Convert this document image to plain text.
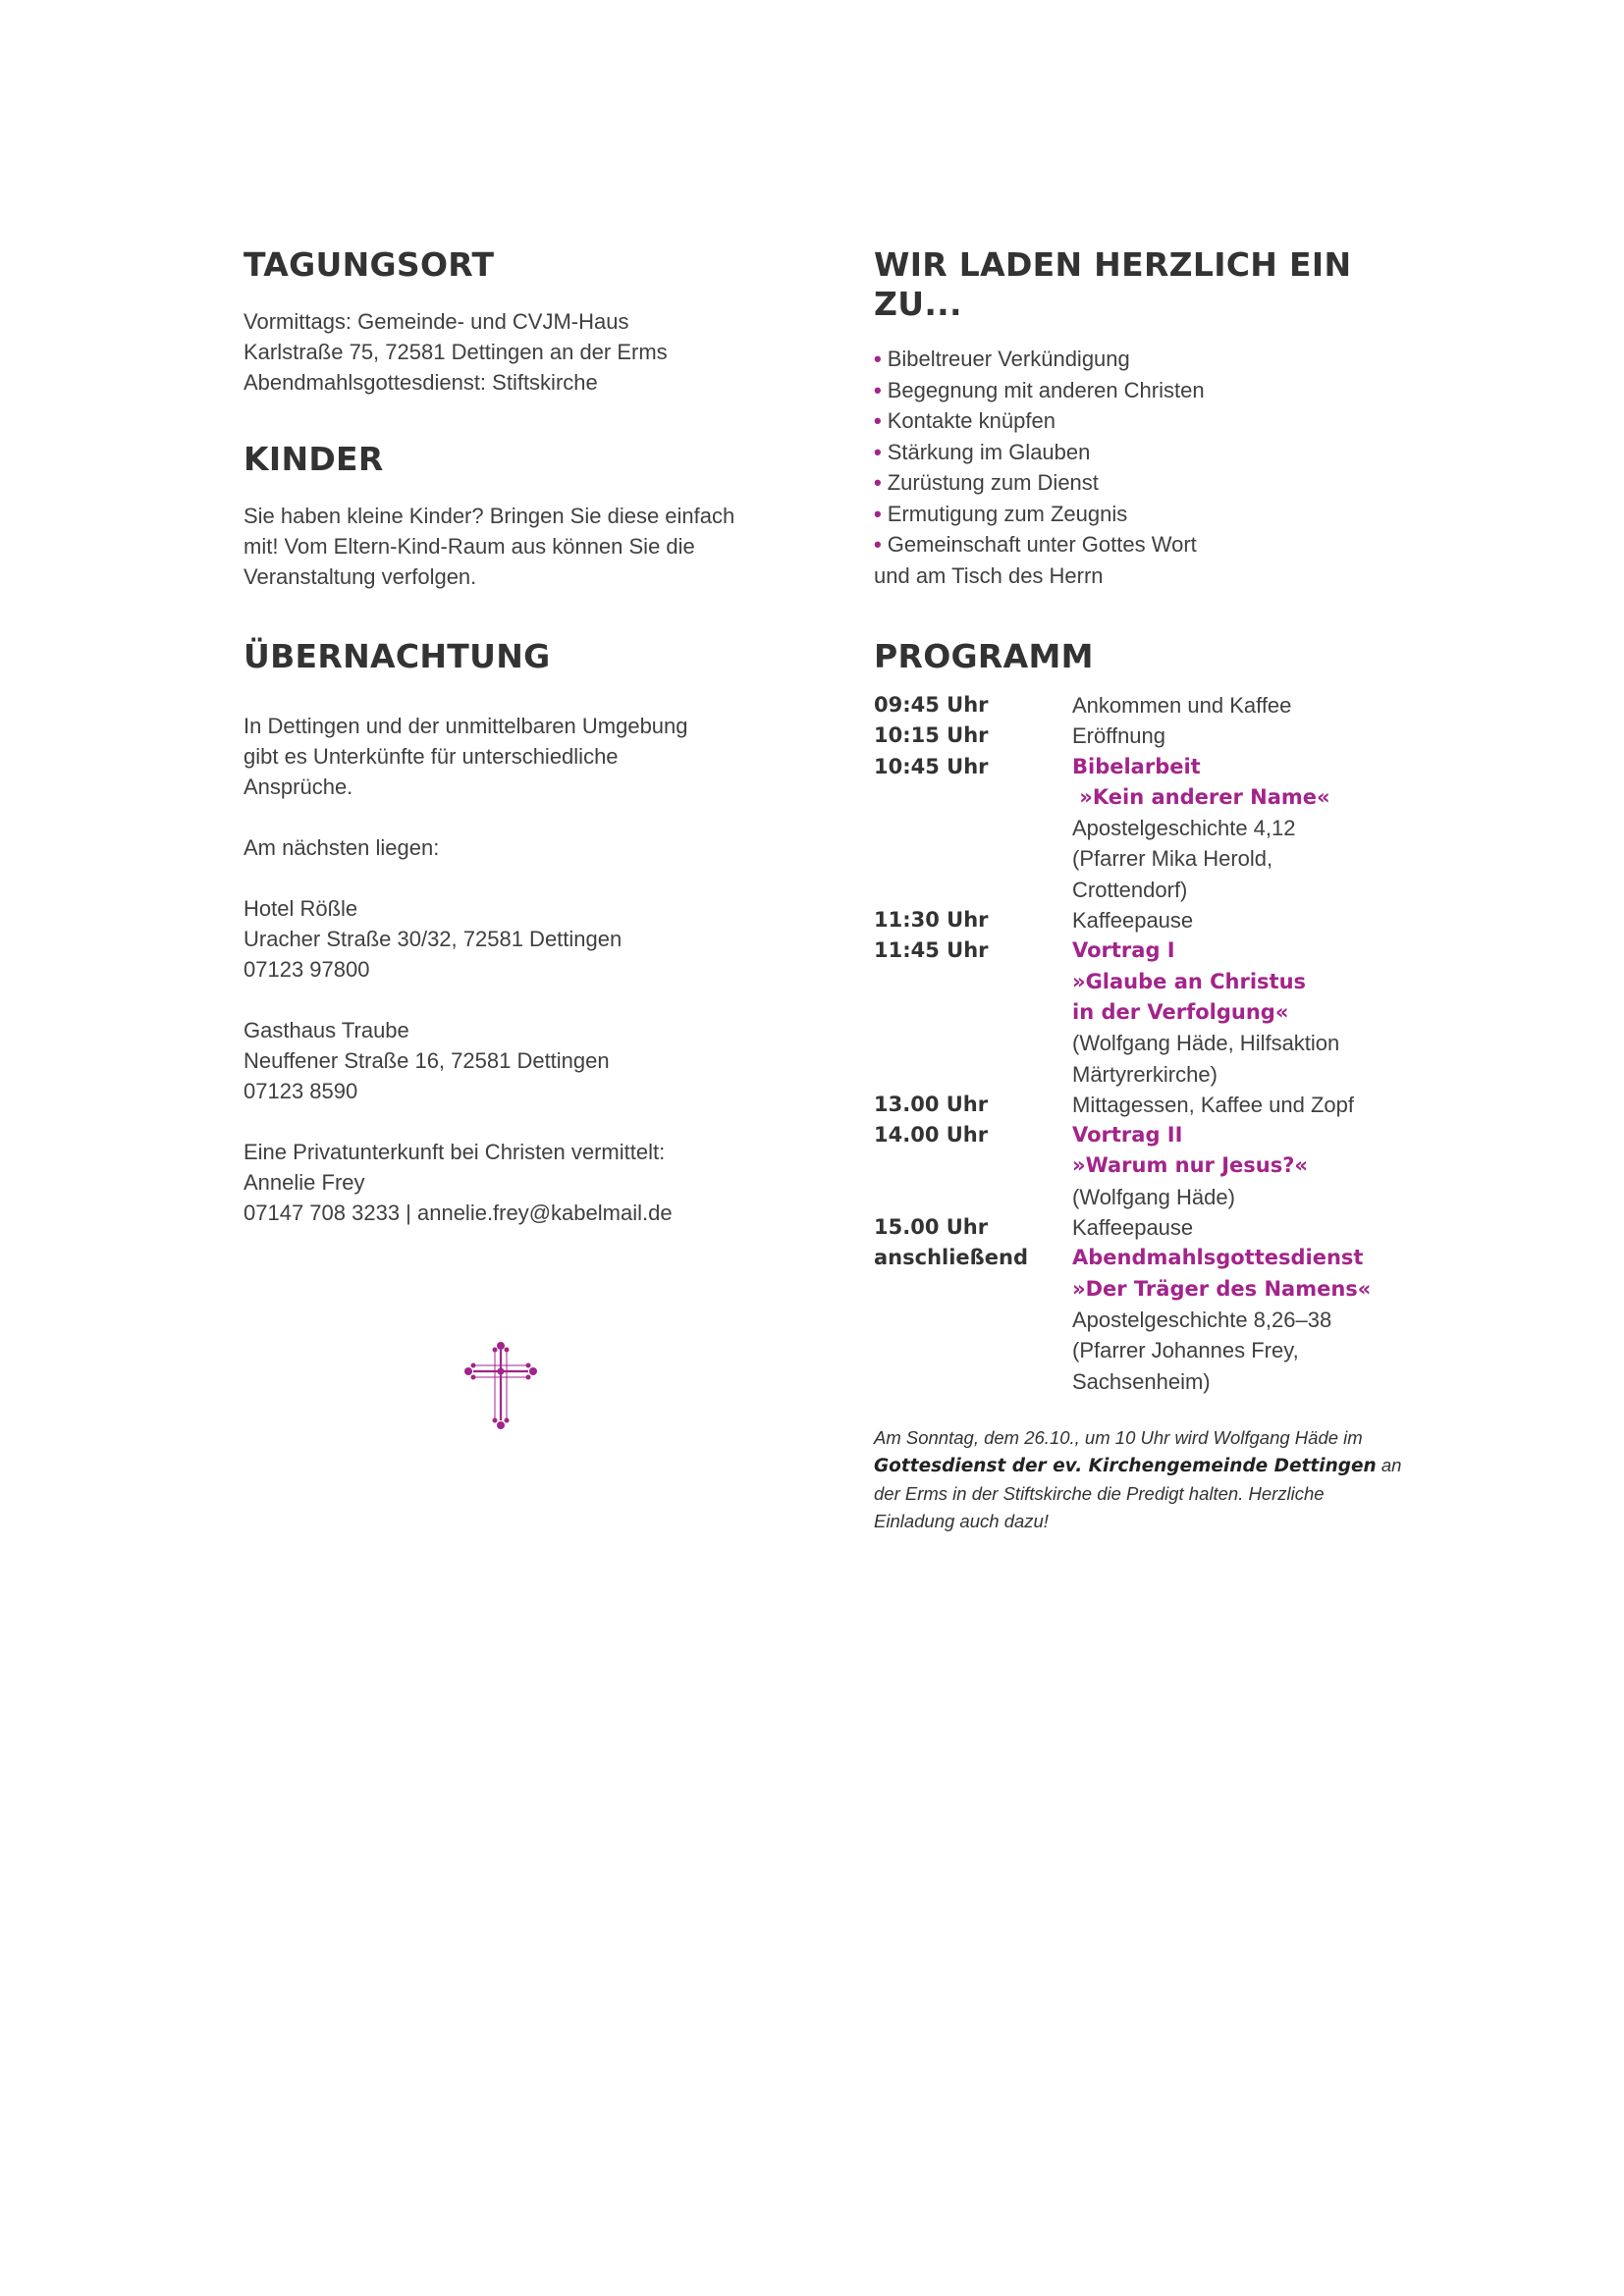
TAGUNGSORT

Vormittags: Gemeinde- und CVJM-Haus

Karlstraße 75, 72581 Dettingen an der Erms

Abendmahlsgottesdienst: Stiftskirche

KINDER

Sie haben kleine Kinder? Bringen Sie diese einfach

mit! Vom Eltern-Kind-Raum aus können Sie die

Veranstaltung verfolgen.

ÜBERNACHTUNG

In Dettingen und der unmittelbaren Umgebung

gibt es Unterkünfte für unterschiedliche

Ansprüche.

Am nächsten liegen:

Hotel Rößle

Uracher Straße 30/32, 72581 Dettingen

07123 97800

Gasthaus Traube

Neuffener Straße 16, 72581 Dettingen

07123 8590

Eine Privatunterkunft bei Christen vermittelt:

Annelie Frey

07147 708 3233 | annelie.frey@kabelmail.de

WIR LADEN HERZLICH EIN ZU...
• Bibeltreuer Verkündigung
• Begegnung mit anderen Christen
• Kontakte knüpfen
• Stärkung im Glauben
• Zurüstung zum Dienst
• Ermutigung zum Zeugnis
• Gemeinschaft unter Gottes Wort
und am Tisch des Herrn
PROGRAMM
09:45 Uhr	Ankommen und Kaffee

10:15 Uhr	Eröffnung

10:45 Uhr	Bibelarbeit
»Kein anderer Name«
Apostelgeschichte 4,12
(Pfarrer Mika Herold,
Crottendorf)

11:30 Uhr	Kaffeepause

11:45 Uhr	Vortrag I
»Glaube an Christus
in der Verfolgung«
(Wolfgang Häde, Hilfsaktion
Märtyrerkirche)

13.00 Uhr	Mittagessen, Kaffee und Zopf

14.00 Uhr	Vortrag II
»Warum nur Jesus?«
(Wolfgang Häde)

15.00 Uhr	Kaffeepause

anschließend	Abendmahlsgottesdienst
»Der Träger des Namens«
Apostelgeschichte 8,26–38
(Pfarrer Johannes Frey,
Sachsenheim)

Am Sonntag, dem 26.10., um 10 Uhr wird Wolfgang Häde im Gottesdienst der ev. Kirchengemeinde Dettingen an der Erms in der Stiftskirche die Predigt halten. Herzliche Einladung auch dazu!
